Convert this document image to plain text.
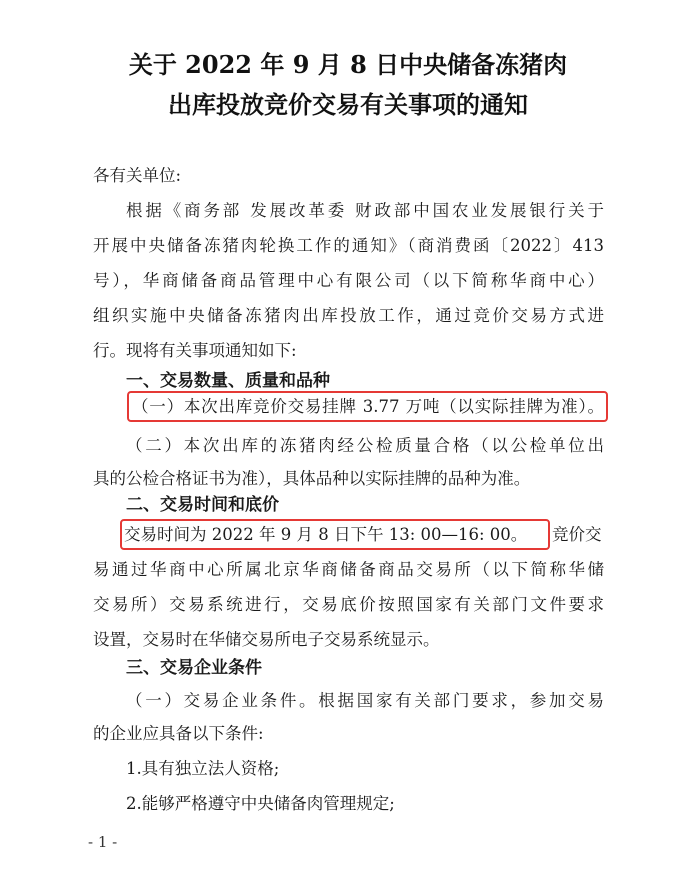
关于 2022 年 9 月 8 日中央储备冻猪肉
出库投放竞价交易有关事项的通知
各有关单位:
根据《商务部 发展改革委 财政部中国农业发展银行关于
开展中央储备冻猪肉轮换工作的通知》（商消费函〔2022〕413
号），华商储备商品管理中心有限公司（以下简称华商中心）
组织实施中央储备冻猪肉出库投放工作，通过竞价交易方式进
行。现将有关事项通知如下:
一、交易数量、质量和品种
（一）本次出库竞价交易挂牌 3.77 万吨（以实际挂牌为准）。
（二）本次出库的冻猪肉经公检质量合格（以公检单位出
具的公检合格证书为准），具体品种以实际挂牌的品种为准。
二、交易时间和底价
交易时间为 2022 年 9 月 8 日下午 13: 00—16: 00。 竞价交
易通过华商中心所属北京华商储备商品交易所（以下简称华储
交易所）交易系统进行，交易底价按照国家有关部门文件要求
设置，交易时在华储交易所电子交易系统显示。
三、交易企业条件
（一）交易企业条件。根据国家有关部门要求，参加交易
的企业应具备以下条件:
1.具有独立法人资格;
2.能够严格遵守中央储备肉管理规定;
- 1 -
